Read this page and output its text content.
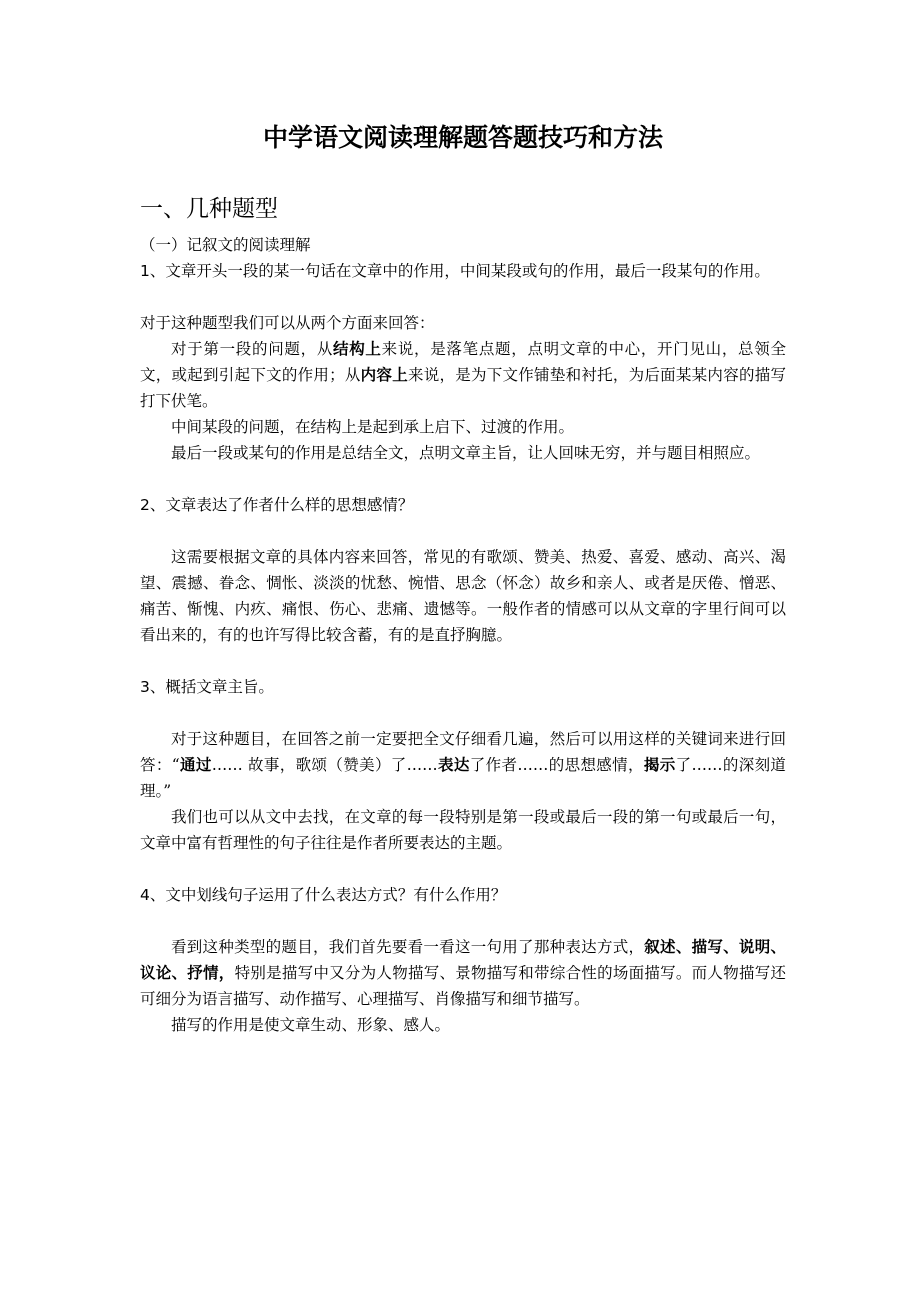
中学语文阅读理解题答题技巧和方法
一、几种题型

（一）记叙文的阅读理解

1、文章开头一段的某一句话在文章中的作用，中间某段或句的作用，最后一段某句的作用。

对于这种题型我们可以从两个方面来回答：

对于第一段的问题，从结构上来说，是落笔点题，点明文章的中心，开门见山，总领全文，或起到引起下文的作用；从内容上来说，是为下文作铺垫和衬托，为后面某某内容的描写打下伏笔。

中间某段的问题，在结构上是起到承上启下、过渡的作用。

最后一段或某句的作用是总结全文，点明文章主旨，让人回味无穷，并与题目相照应。

2、文章表达了作者什么样的思想感情？

这需要根据文章的具体内容来回答，常见的有歌颂、赞美、热爱、喜爱、感动、高兴、渴望、震撼、眷念、惆怅、淡淡的忧愁、惋惜、思念（怀念）故乡和亲人、或者是厌倦、憎恶、痛苦、惭愧、内疚、痛恨、伤心、悲痛、遗憾等。一般作者的情感可以从文章的字里行间可以看出来的，有的也许写得比较含蓄，有的是直抒胸臆。

3、概括文章主旨。

对于这种题目，在回答之前一定要把全文仔细看几遍，然后可以用这样的关键词来进行回答：“通过…… 故事，歌颂（赞美）了……表达了作者……的思想感情，揭示了……的深刻道理。”

我们也可以从文中去找，在文章的每一段特别是第一段或最后一段的第一句或最后一句，文章中富有哲理性的句子往往是作者所要表达的主题。

4、文中划线句子运用了什么表达方式？有什么作用？

看到这种类型的题目，我们首先要看一看这一句用了那种表达方式，叙述、描写、说明、议论、抒情，特别是描写中又分为人物描写、景物描写和带综合性的场面描写。而人物描写还可细分为语言描写、动作描写、心理描写、肖像描写和细节描写。

描写的作用是使文章生动、形象、感人。
